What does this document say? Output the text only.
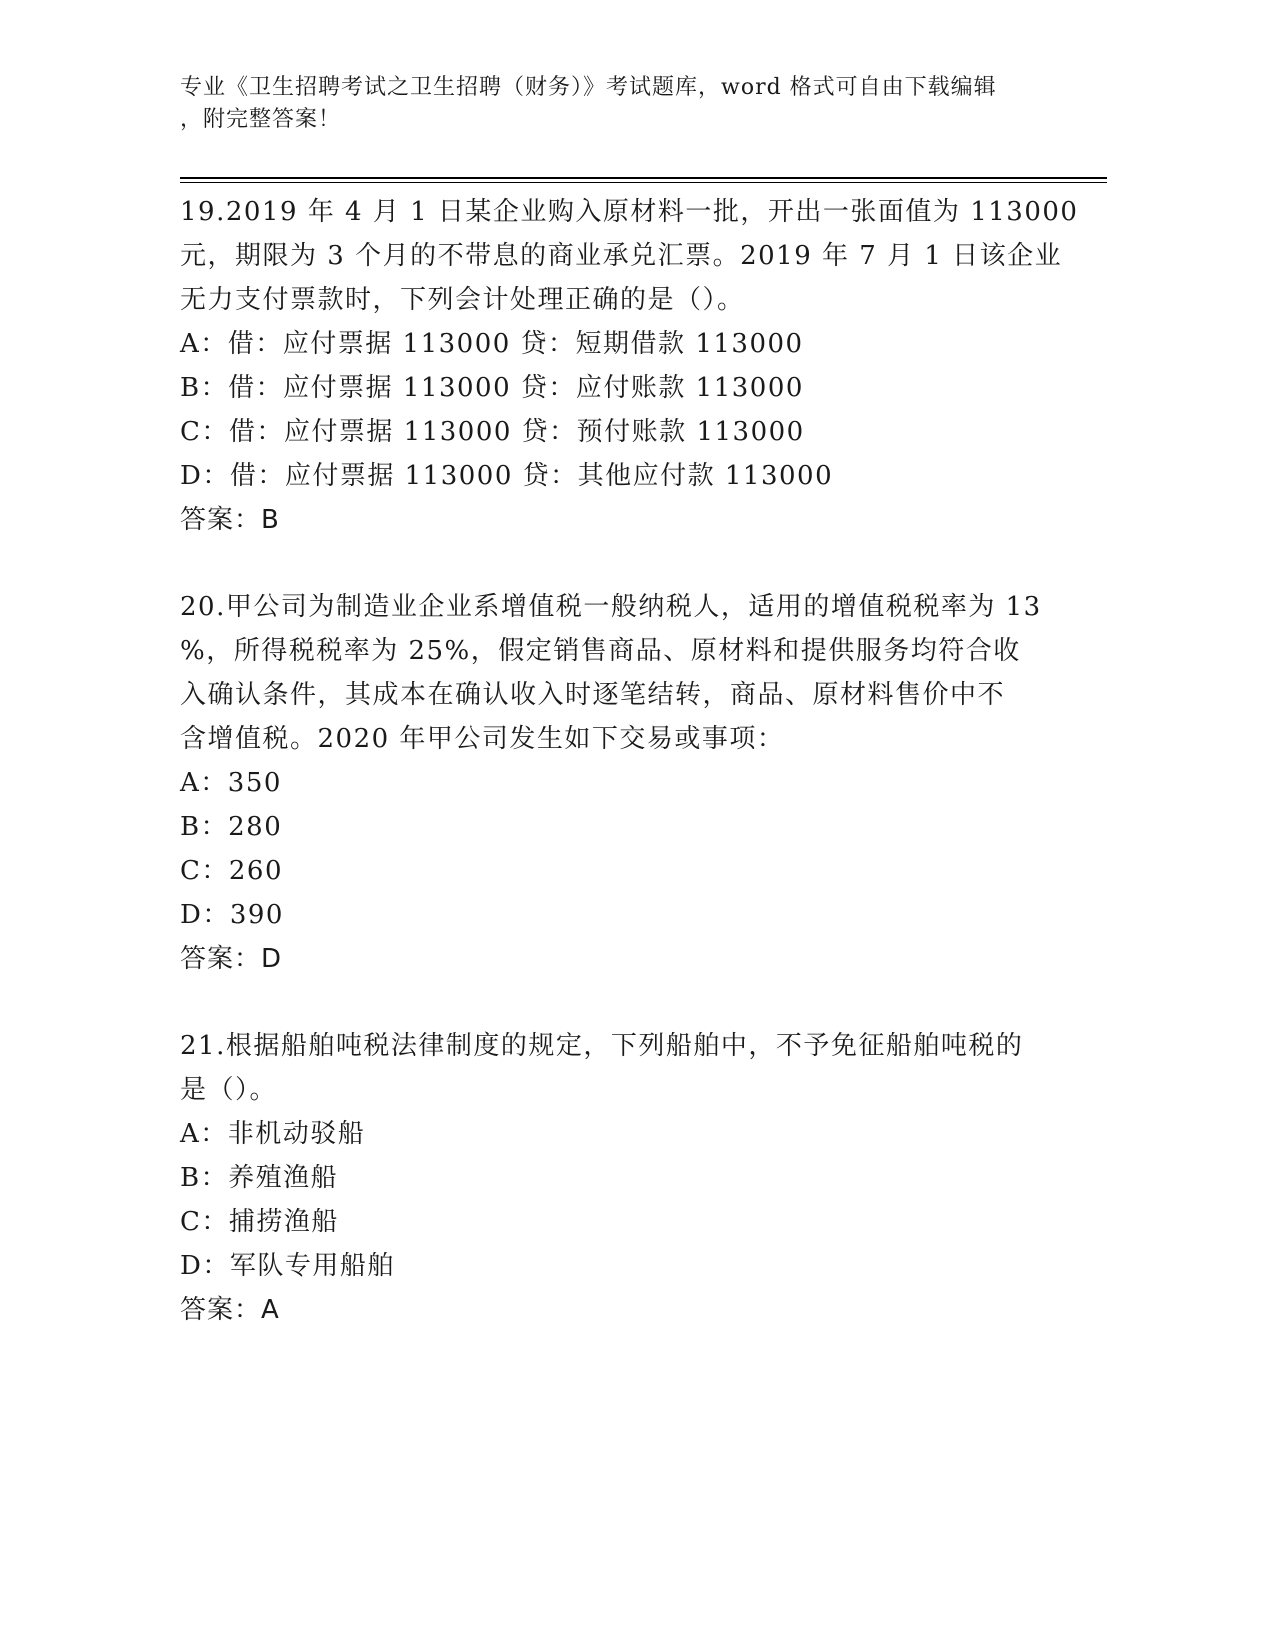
专业《卫生招聘考试之卫生招聘（财务）》考试题库，word 格式可自由下载编辑
，附完整答案！
19.2019 年 4 月 1 日某企业购入原材料一批，开出一张面值为 113000
元，期限为 3 个月的不带息的商业承兑汇票。2019 年 7 月 1 日该企业
无力支付票款时，下列会计处理正确的是（）。
A：借：应付票据 113000 贷：短期借款 113000
B：借：应付票据 113000 贷：应付账款 113000
C：借：应付票据 113000 贷：预付账款 113000
D：借：应付票据 113000 贷：其他应付款 113000
答案：B
20.甲公司为制造业企业系增值税一般纳税人，适用的增值税税率为 13
%，所得税税率为 25%，假定销售商品、原材料和提供服务均符合收
入确认条件，其成本在确认收入时逐笔结转，商品、原材料售价中不
含增值税。2020 年甲公司发生如下交易或事项：
A：350
B：280
C：260
D：390
答案：D
21.根据船舶吨税法律制度的规定，下列船舶中，不予免征船舶吨税的
是（）。
A：非机动驳船
B：养殖渔船
C：捕捞渔船
D：军队专用船舶
答案：A
